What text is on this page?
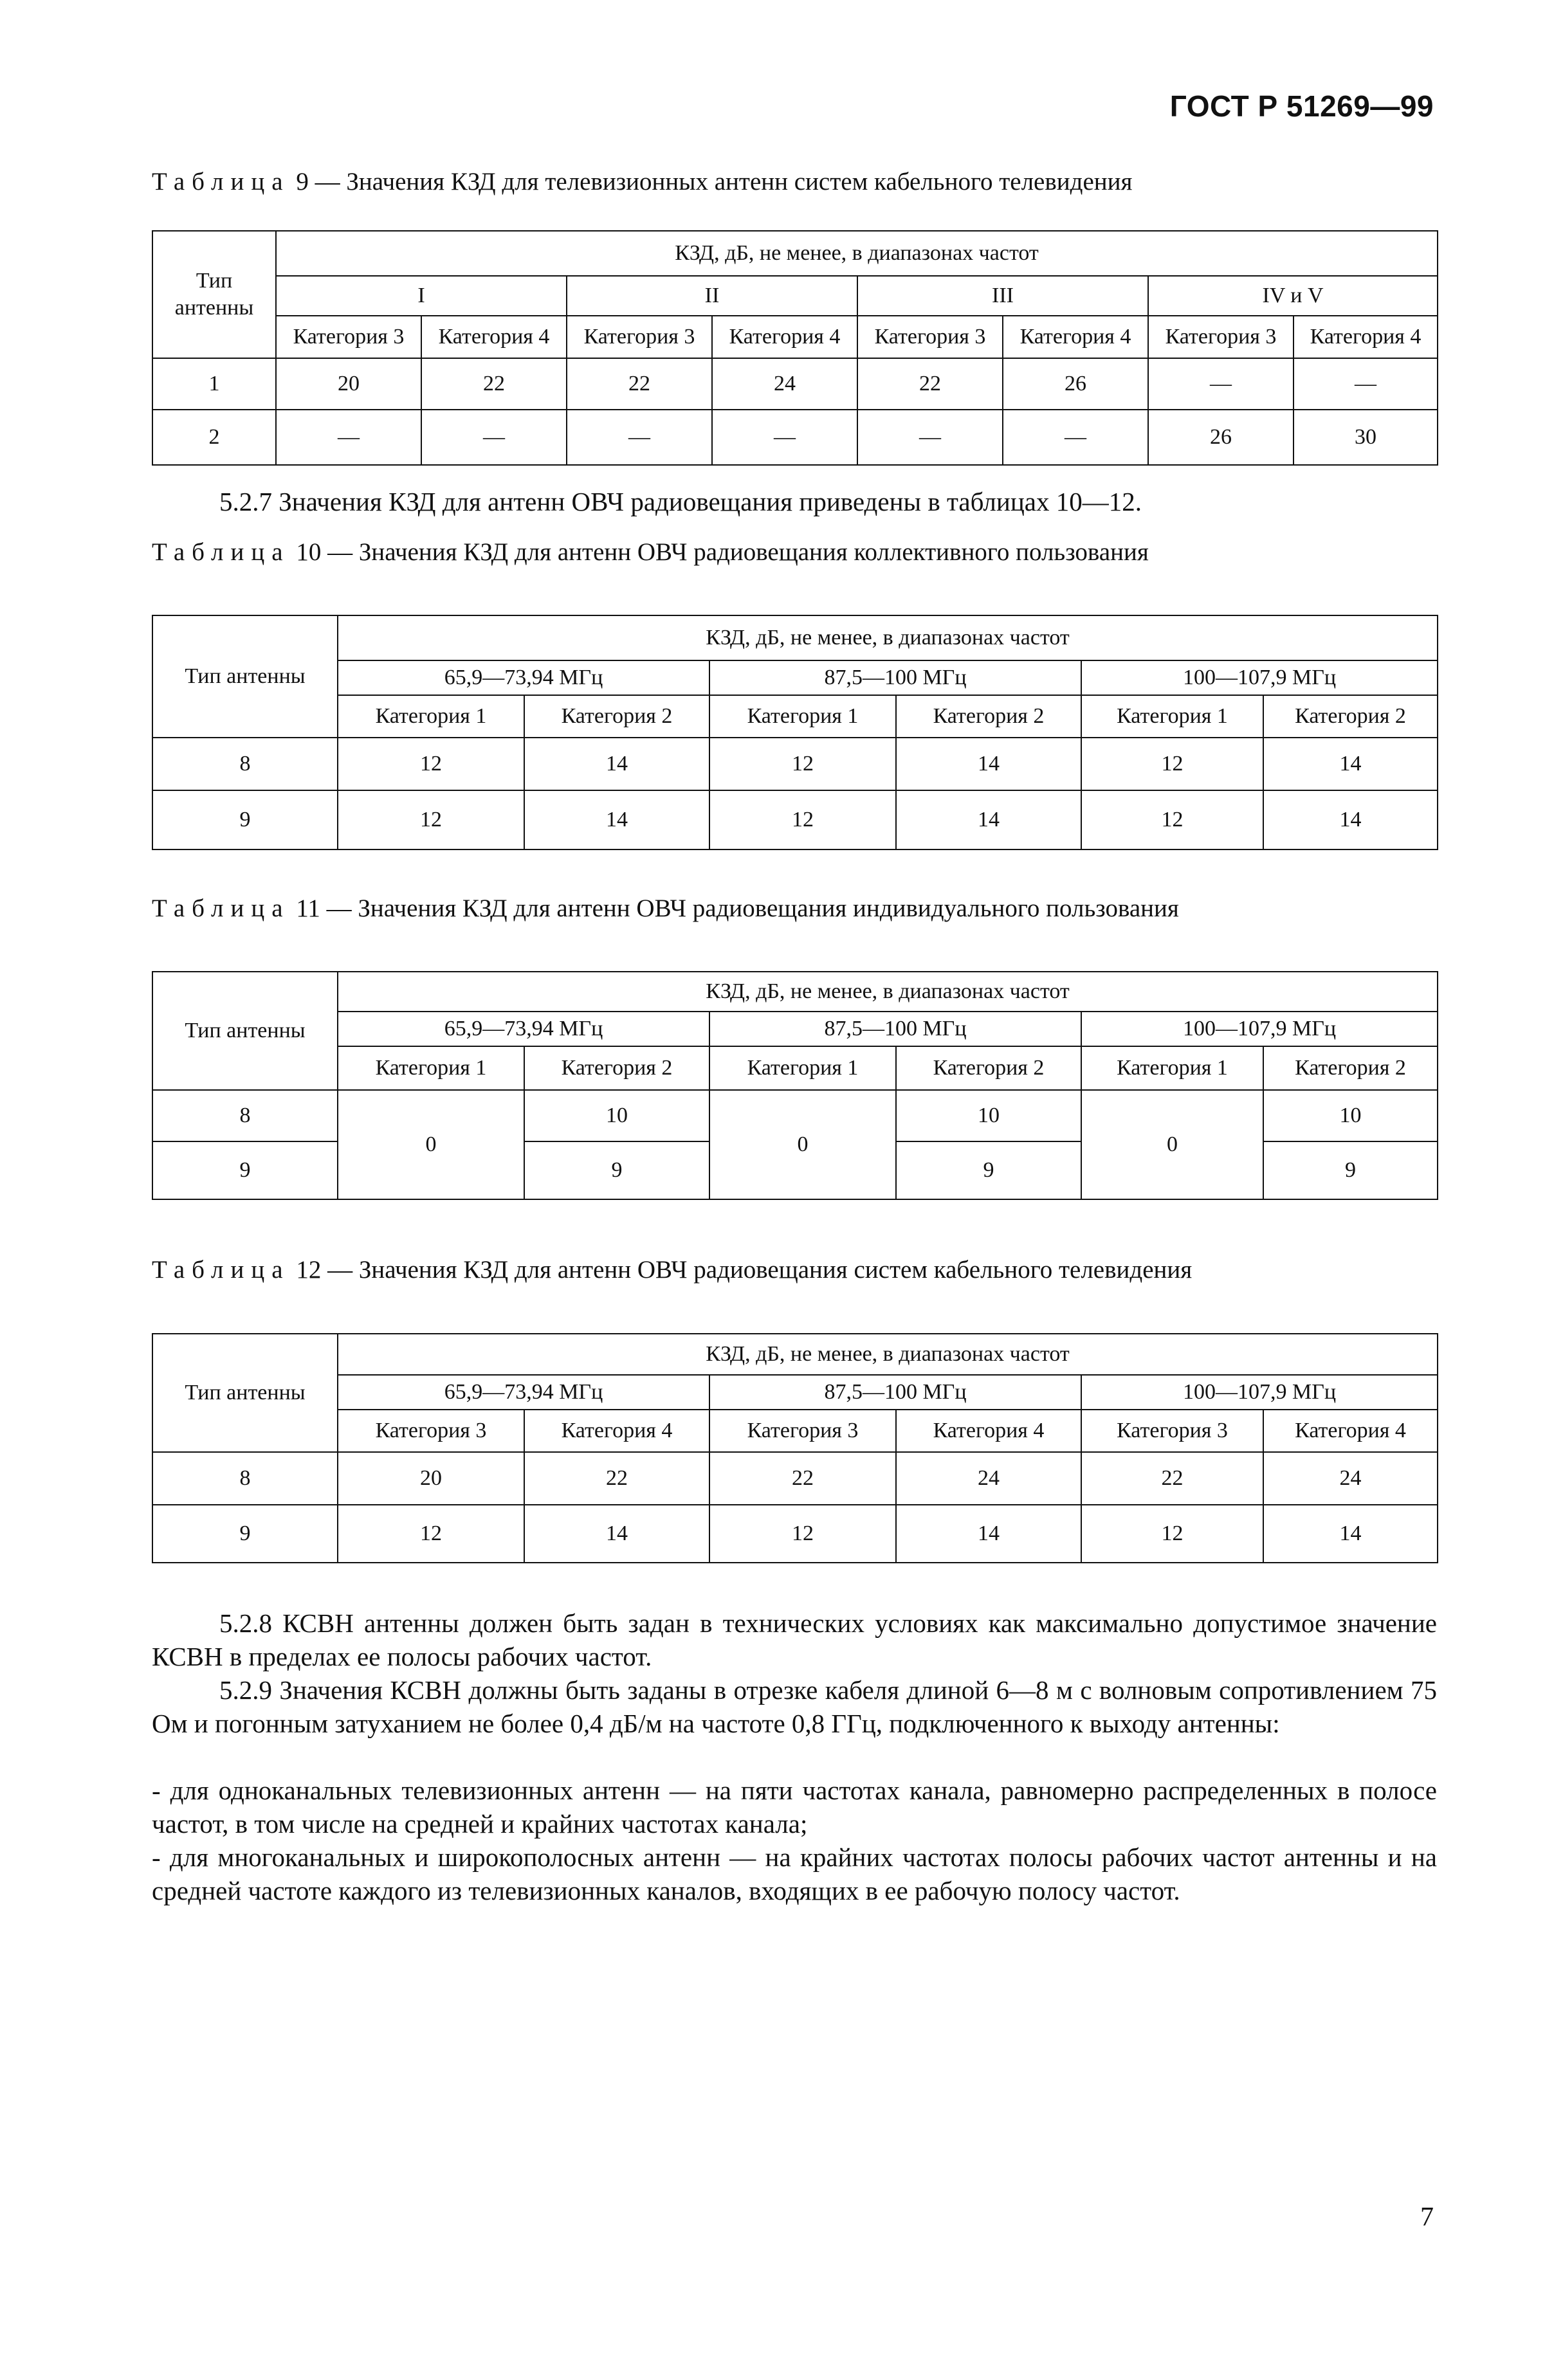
ГОСТ Р 51269—99
Таблица 9 — Значения КЗД для телевизионных антенн систем кабельного телевидения
Тип
антенны	КЗД, дБ, не менее, в диапазонах частот							
	I		II		III		IV и V	
	Категория 3	Категория 4	Категория 3	Категория 4	Категория 3	Категория 4	Категория 3	Категория 4
1	20	22	22	24	22	26	—	—
2	—	—	—	—	—	—	26	30
5.2.7 Значения КЗД для антенн ОВЧ радиовещания приведены в таблицах 10—12.
Таблица 10 — Значения КЗД для антенн ОВЧ радиовещания коллективного пользования
Тип антенны	КЗД, дБ, не менее, в диапазонах частот					
	65,9—73,94 МГц		87,5—100 МГц		100—107,9 МГц	
	Категория 1	Категория 2	Категория 1	Категория 2	Категория 1	Категория 2
8	12	14	12	14	12	14
9	12	14	12	14	12	14
Таблица 11 — Значения КЗД для антенн ОВЧ радиовещания индивидуального пользования
Тип антенны	КЗД, дБ, не менее, в диапазонах частот					
	65,9—73,94 МГц		87,5—100 МГц		100—107,9 МГц	
	Категория 1	Категория 2	Категория 1	Категория 2	Категория 1	Категория 2
8	0	10	0	10	0	10
9		9		9		9
Таблица 12 — Значения КЗД для антенн ОВЧ радиовещания систем кабельного телевидения
Тип антенны	КЗД, дБ, не менее, в диапазонах частот					
	65,9—73,94 МГц		87,5—100 МГц		100—107,9 МГц	
	Категория 3	Категория 4	Категория 3	Категория 4	Категория 3	Категория 4
8	20	22	22	24	22	24
9	12	14	12	14	12	14
5.2.8 КСВН антенны должен быть задан в технических условиях как максимально допустимое значение КСВН в пределах ее полосы рабочих частот.
5.2.9 Значения КСВН должны быть заданы в отрезке кабеля длиной 6—8 м с волновым сопротивлением 75 Ом и погонным затуханием не более 0,4 дБ/м на частоте 0,8 ГГц, подключенного к выходу антенны:
- для одноканальных телевизионных антенн — на пяти частотах канала, равномерно распределенных в полосе частот, в том числе на средней и крайних частотах канала;
- для многоканальных и широкополосных антенн — на крайних частотах полосы рабочих частот антенны и на средней частоте каждого из телевизионных каналов, входящих в ее рабочую полосу частот.
7
